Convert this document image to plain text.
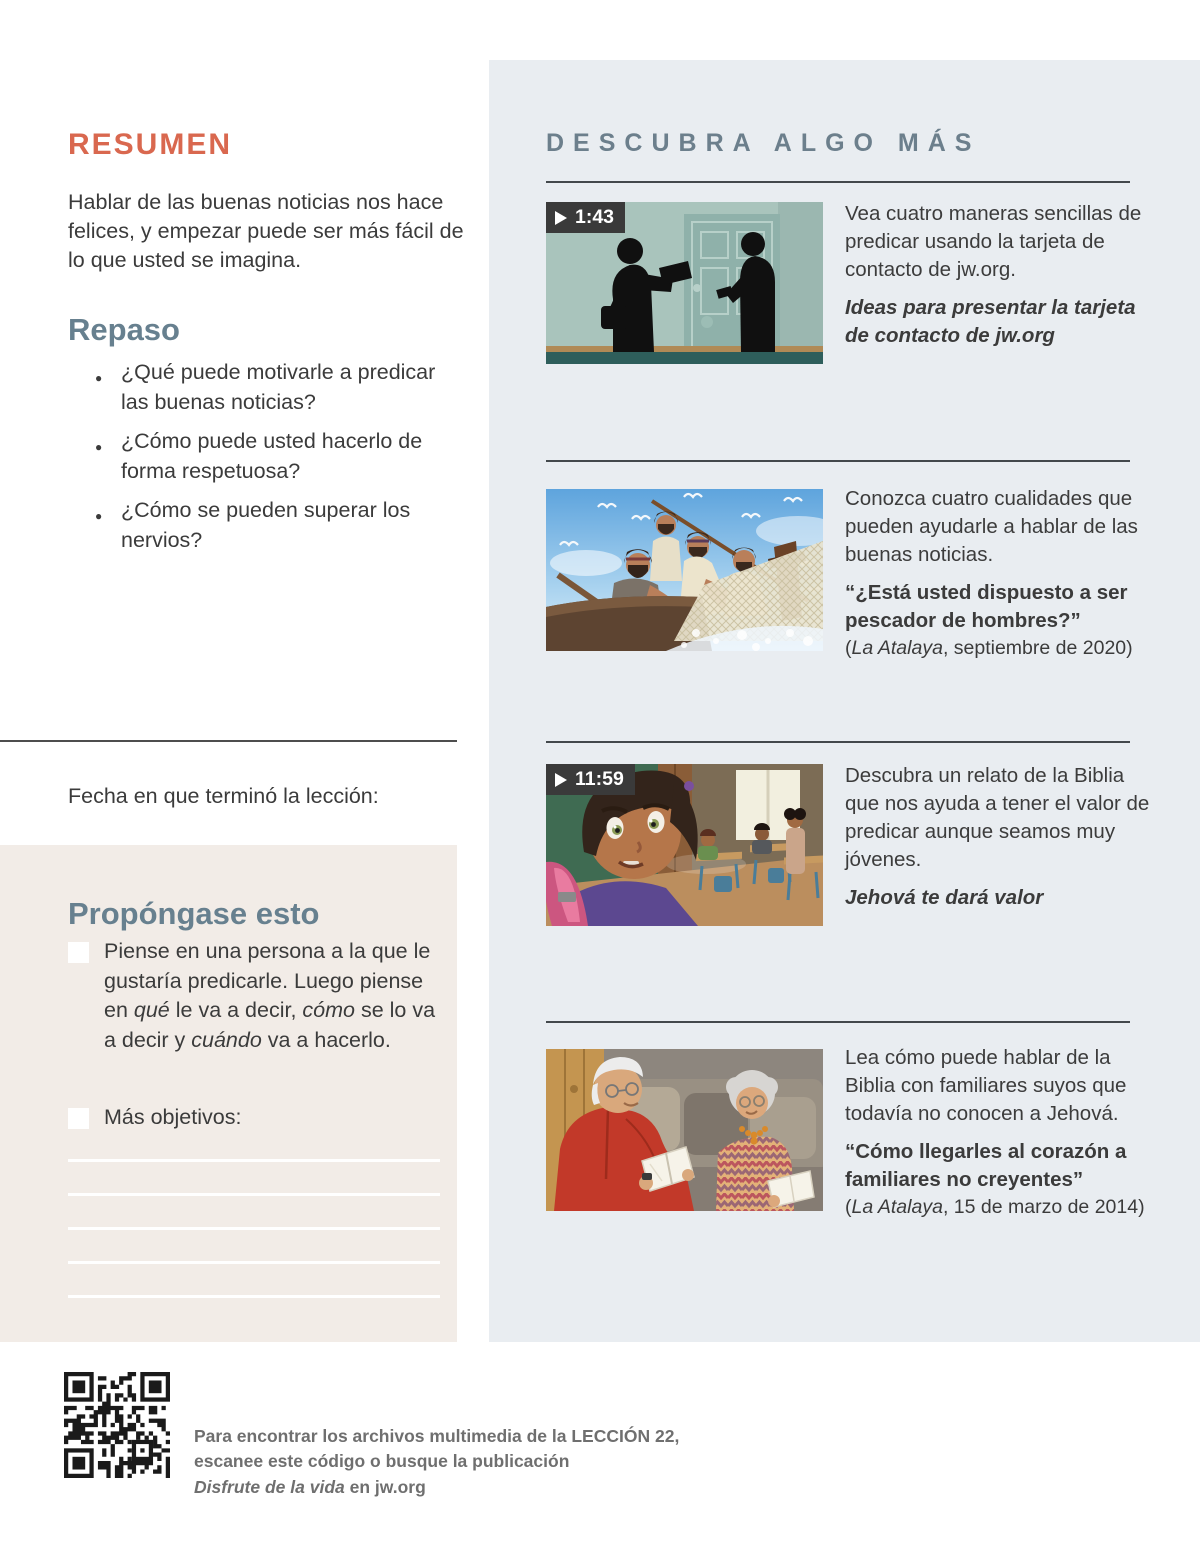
RESUMEN

Hablar de las buenas noticias nos hace felices, y empezar puede ser más fácil de lo que usted se imagina.

Repaso
● ¿Qué puede motivarle a predicar las buenas noticias?
● ¿Cómo puede usted hacerlo de forma respetuosa?
● ¿Cómo se pueden superar los nervios?

Fecha en que terminó la lección:

Propóngase esto

Piense en una persona a la que le gustaría predicarle. Luego piense en qué le va a decir, cómo se lo va a decir y cuándo va a hacerlo.

Más objetivos:

DESCUBRA ALGO MÁS
1:43	Vea cuatro maneras sencillas de predicar usando la tarjeta de contacto de jw.org.

Ideas para presentar la tarjeta de contacto de jw.org

Conozca cuatro cualidades que pueden ayudarle a hablar de las buenas noticias.

“¿Está usted dispuesto a ser pescador de hombres?”

(La Atalaya, septiembre de 2020)

11:59	Descubra un relato de la Biblia que nos ayuda a tener el valor de predicar aunque seamos muy jóvenes.

Jehová te dará valor

Lea cómo puede hablar de la Biblia con familiares suyos que todavía no conocen a Jehová.

“Cómo llegarles al corazón a familiares no creyentes”

(La Atalaya, 15 de marzo de 2014)

Para encontrar los archivos multimedia de la LECCIÓN 22,
escanee este código o busque la publicación
Disfrute de la vida en jw.org
